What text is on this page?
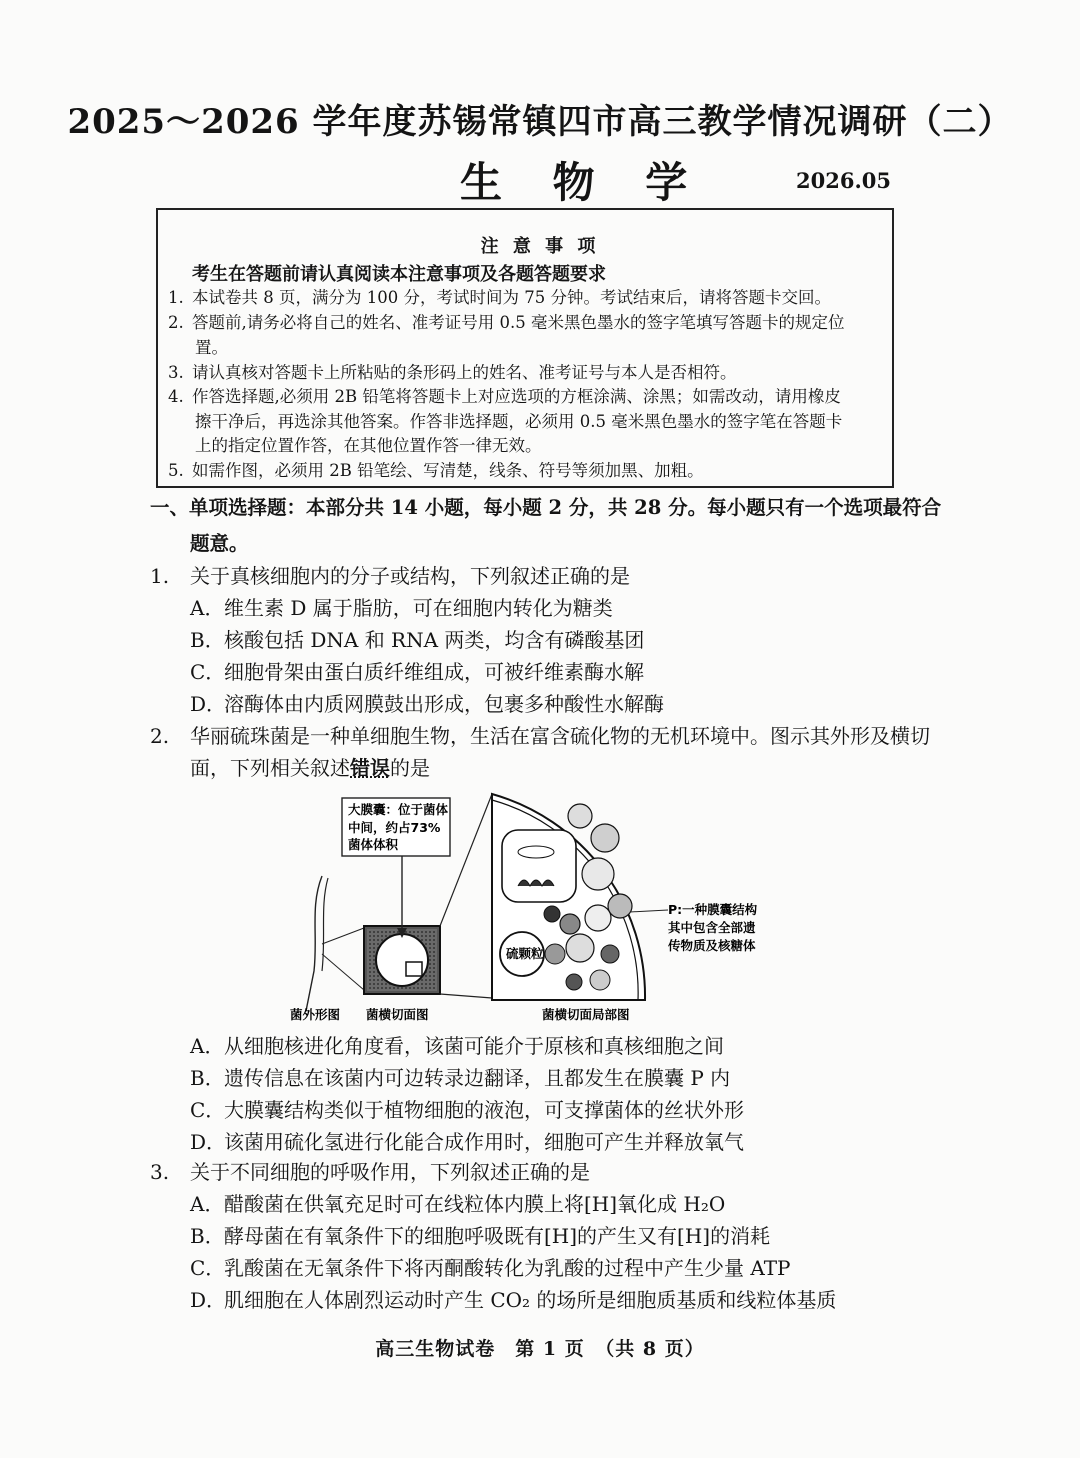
2025～2026 学年度苏锡常镇四市高三教学情况调研（二）
生 物 学	2026.05
注 意 事 项
考生在答题前请认真阅读本注意事项及各题答题要求
1. 本试卷共 8 页，满分为 100 分，考试时间为 75 分钟。考试结束后，请将答题卡交回。
2. 答题前,请务必将自己的姓名、准考证号用 0.5 毫米黑色墨水的签字笔填写答题卡的规定位
置。
3. 请认真核对答题卡上所粘贴的条形码上的姓名、准考证号与本人是否相符。
4. 作答选择题,必须用 2B 铅笔将答题卡上对应选项的方框涂满、涂黑；如需改动，请用橡皮
擦干净后，再选涂其他答案。作答非选择题，必须用 0.5 毫米黑色墨水的签字笔在答题卡
上的指定位置作答，在其他位置作答一律无效。
5. 如需作图，必须用 2B 铅笔绘、写清楚，线条、符号等须加黑、加粗。
一、单项选择题：本部分共 14 小题，每小题 2 分，共 28 分。每小题只有一个选项最符合
题意。
1. 关于真核细胞内的分子或结构，下列叙述正确的是
A．维生素 D 属于脂肪，可在细胞内转化为糖类
B．核酸包括 DNA 和 RNA 两类，均含有磷酸基团
C．细胞骨架由蛋白质纤维组成，可被纤维素酶水解
D．溶酶体由内质网膜鼓出形成，包裹多种酸性水解酶
2. 华丽硫珠菌是一种单细胞生物，生活在富含硫化物的无机环境中。图示其外形及横切
面，下列相关叙述错误的是
大膜囊：位于菌体
中间，约占73%
菌体体积
硫颗粒
P:一种膜囊结构
其中包含全部遗
传物质及核糖体
菌外形图 菌横切面图	菌横切面局部图
A．从细胞核进化角度看，该菌可能介于原核和真核细胞之间
B．遗传信息在该菌内可边转录边翻译，且都发生在膜囊 P 内
C．大膜囊结构类似于植物细胞的液泡，可支撑菌体的丝状外形
D．该菌用硫化氢进行化能合成作用时，细胞可产生并释放氧气
3. 关于不同细胞的呼吸作用，下列叙述正确的是
A．醋酸菌在供氧充足时可在线粒体内膜上将[H]氧化成 H₂O
B．酵母菌在有氧条件下的细胞呼吸既有[H]的产生又有[H]的消耗
C．乳酸菌在无氧条件下将丙酮酸转化为乳酸的过程中产生少量 ATP
D．肌细胞在人体剧烈运动时产生 CO₂ 的场所是细胞质基质和线粒体基质
高三生物试卷　第 1 页　（共 8 页）
